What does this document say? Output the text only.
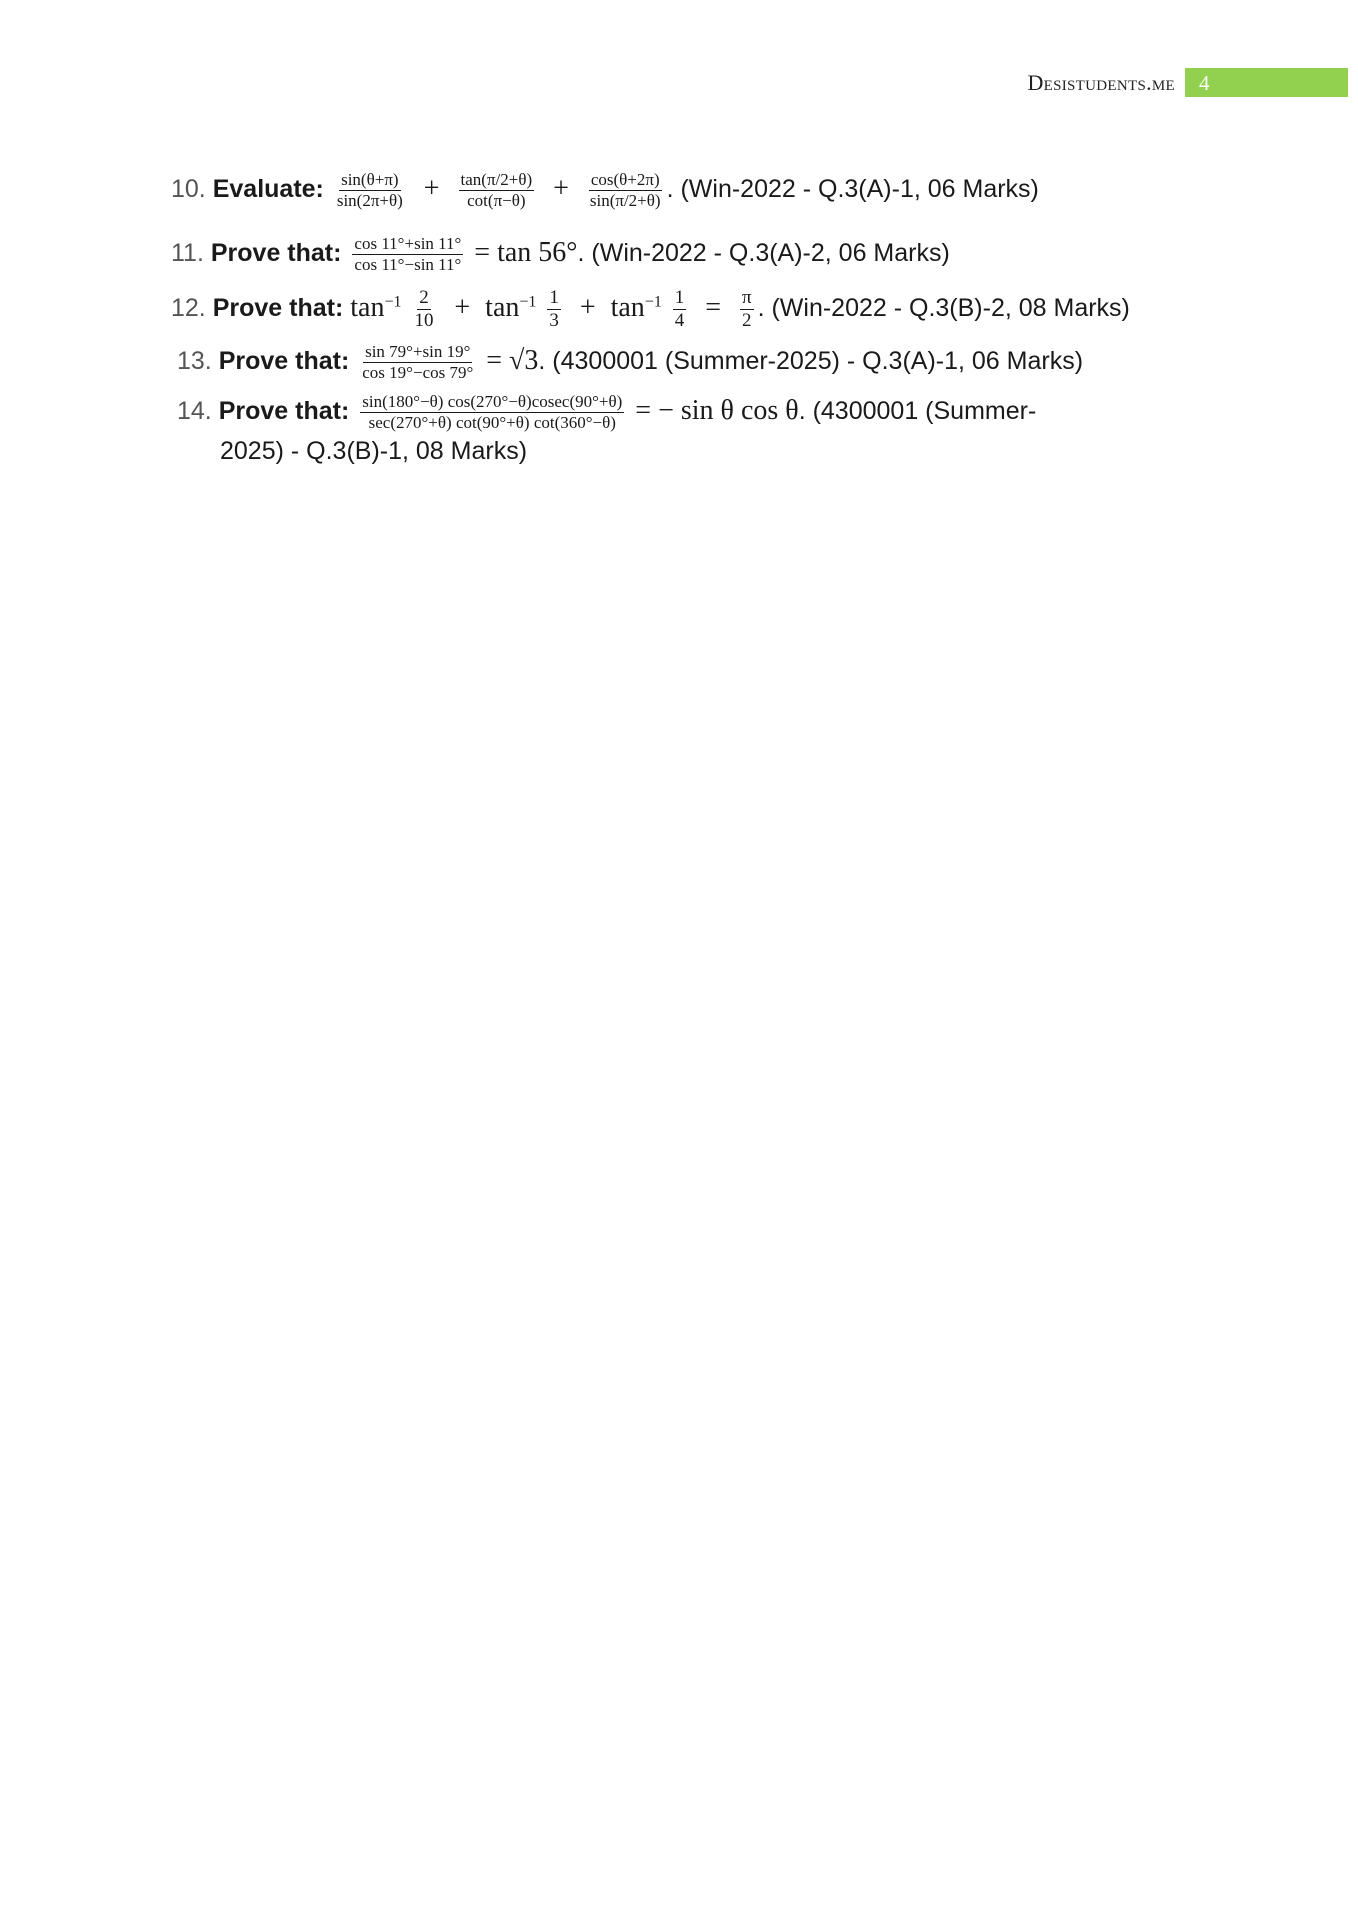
Desistudents.me 4
10. Evaluate: $\frac{\sin(\theta+\pi)}{\sin(2\pi+\theta)} + \frac{\tan(\pi/2+\theta)}{\cot(\pi-\theta)} + \frac{\cos(\theta+2\pi)}{\sin(\pi/2+\theta)}$ . (Win-2022 - Q.3(A)-1, 06 Marks)
11. Prove that: $\frac{\cos 11^\circ+\sin 11^\circ}{\cos 11^\circ-\sin 11^\circ} = \tan 56^\circ$. (Win-2022 - Q.3(A)-2, 06 Marks)
12. Prove that: $\tan^{-1} \frac{2}{10} + \tan^{-1} \frac{1}{3} + \tan^{-1} \frac{1}{4} = \frac{\pi}{2}$ . (Win-2022 - Q.3(B)-2, 08 Marks)
13. Prove that: $\frac{\sin 79^\circ+\sin 19^\circ}{\cos 19^\circ-\cos 79^\circ} = √3$. (4300001 (Summer-2025) - Q.3(A)-1, 06 Marks)
14. Prove that: $\frac{\sin(180^\circ-\theta) \cos(270^\circ-\theta)cosec(90^\circ+\theta)}{\sec(270^\circ+\theta) \cot(90^\circ+\theta) \cot(360^\circ-\theta)}$ = − sin θ cos θ. (4300001 (Summer-
2025) - Q.3(B)-1, 08 Marks)
